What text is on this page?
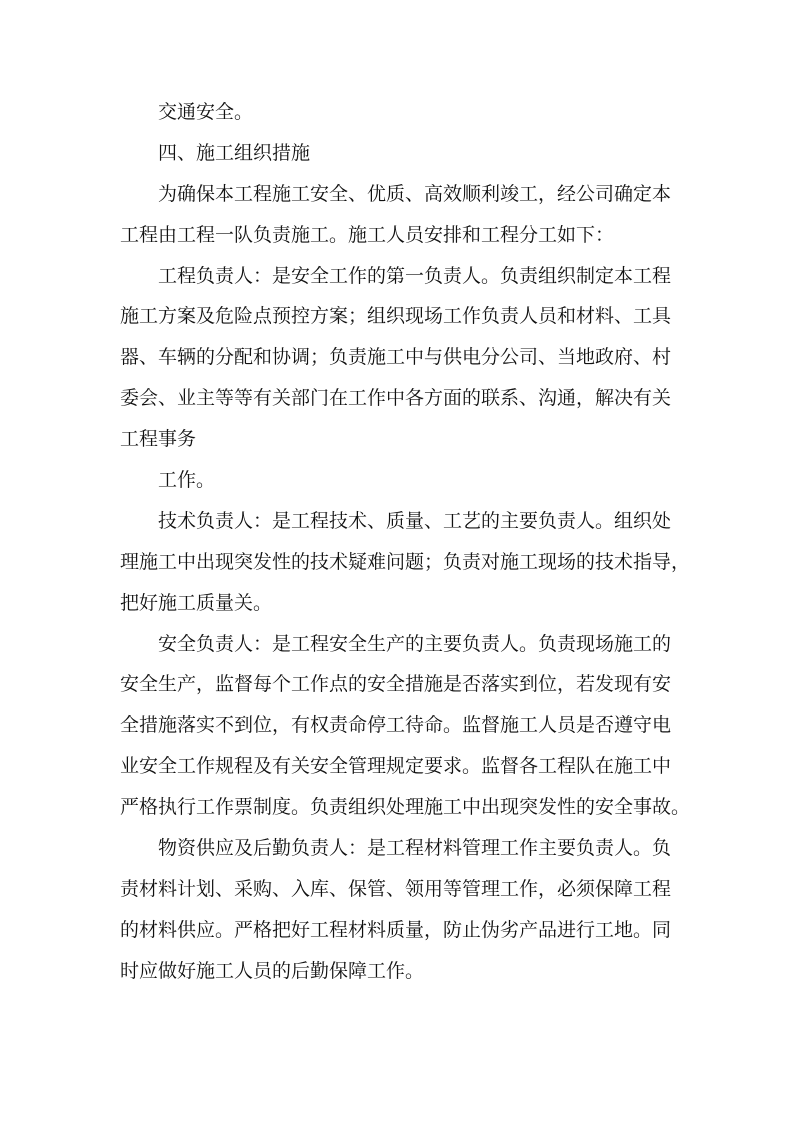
交通安全。
四、施工组织措施
为确保本工程施工安全、优质、高效顺利竣工，经公司确定本
工程由工程一队负责施工。施工人员安排和工程分工如下：
工程负责人：是安全工作的第一负责人。负责组织制定本工程
施工方案及危险点预控方案；组织现场工作负责人员和材料、工具
器、车辆的分配和协调；负责施工中与供电分公司、当地政府、村
委会、业主等等有关部门在工作中各方面的联系、沟通，解决有关
工程事务
工作。
技术负责人：是工程技术、质量、工艺的主要负责人。组织处
理施工中出现突发性的技术疑难问题；负责对施工现场的技术指导，
把好施工质量关。
安全负责人：是工程安全生产的主要负责人。负责现场施工的
安全生产，监督每个工作点的安全措施是否落实到位，若发现有安
全措施落实不到位，有权责命停工待命。监督施工人员是否遵守电
业安全工作规程及有关安全管理规定要求。监督各工程队在施工中
严格执行工作票制度。负责组织处理施工中出现突发性的安全事故。
物资供应及后勤负责人：是工程材料管理工作主要负责人。负
责材料计划、采购、入库、保管、领用等管理工作，必须保障工程
的材料供应。严格把好工程材料质量，防止伪劣产品进行工地。同
时应做好施工人员的后勤保障工作。
